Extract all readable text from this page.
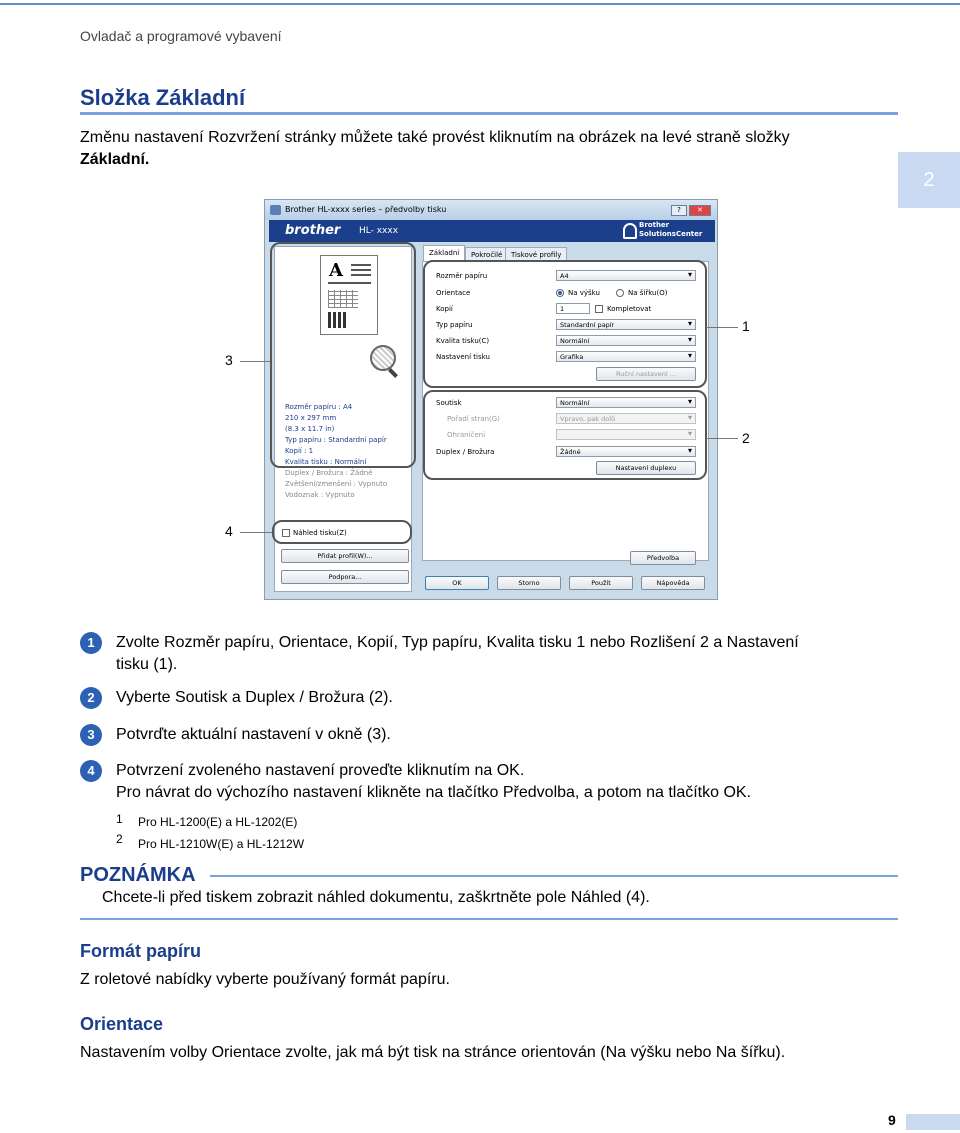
Ovladač a programové vybavení
Složka Základní
Změnu nastavení Rozvržení stránky můžete také provést kliknutím na obrázek na levé straně složky
Základní.
2
Brother HL-xxxx series – předvolby tisku	?	✕
brother HL- xxxx
Brother
SolutionsCenter
A
Rozměr papíru : A4
210 x 297 mm
(8.3 x 11.7 in)
Typ papíru : Standardní papír
Kopií : 1
Kvalita tisku : Normální
Duplex / Brožura : Žádné
Zvětšení/zmenšení : Vypnuto
Vodoznak : Vypnuto
Základní	Pokročilé	Tiskové profily
Rozměr papíru	A4 ▾
Orientace	Na výšku	Na šířku(O)
Kopií	1	Kompletovat
Typ papíru	Standardní papír ▾
Kvalita tisku(C)	Normální ▾
Nastavení tisku	Grafika ▾
Ruční nastavení ...
Soutisk	Normální ▾
Pořadí stran(G)	Vpravo, pak dolů ▾
Ohraničení
▾
Duplex / Brožura	Žádné ▾
Nastavení duplexu
Předvolba
Náhled tisku(Z)
Přidat profil(W)...
Podpora...
OK	Storno	Použít	Nápověda
3
1
2
4
1	Zvolte Rozměr papíru, Orientace, Kopií, Typ papíru, Kvalita tisku 1 nebo Rozlišení 2 a Nastavení
tisku (1).
2	Vyberte Soutisk a Duplex / Brožura (2).
3	Potvrďte aktuální nastavení v okně (3).
4	Potvrzení zvoleného nastavení proveďte kliknutím na OK.
Pro návrat do výchozího nastavení klikněte na tlačítko Předvolba, a potom na tlačítko OK.
1 Pro HL-1200(E) a HL-1202(E)
2 Pro HL-1210W(E) a HL-1212W
POZNÁMKA
Chcete-li před tiskem zobrazit náhled dokumentu, zaškrtněte pole Náhled (4).
Formát papíru
Z roletové nabídky vyberte používaný formát papíru.
Orientace
Nastavením volby Orientace zvolte, jak má být tisk na stránce orientován (Na výšku nebo Na šířku).
9
